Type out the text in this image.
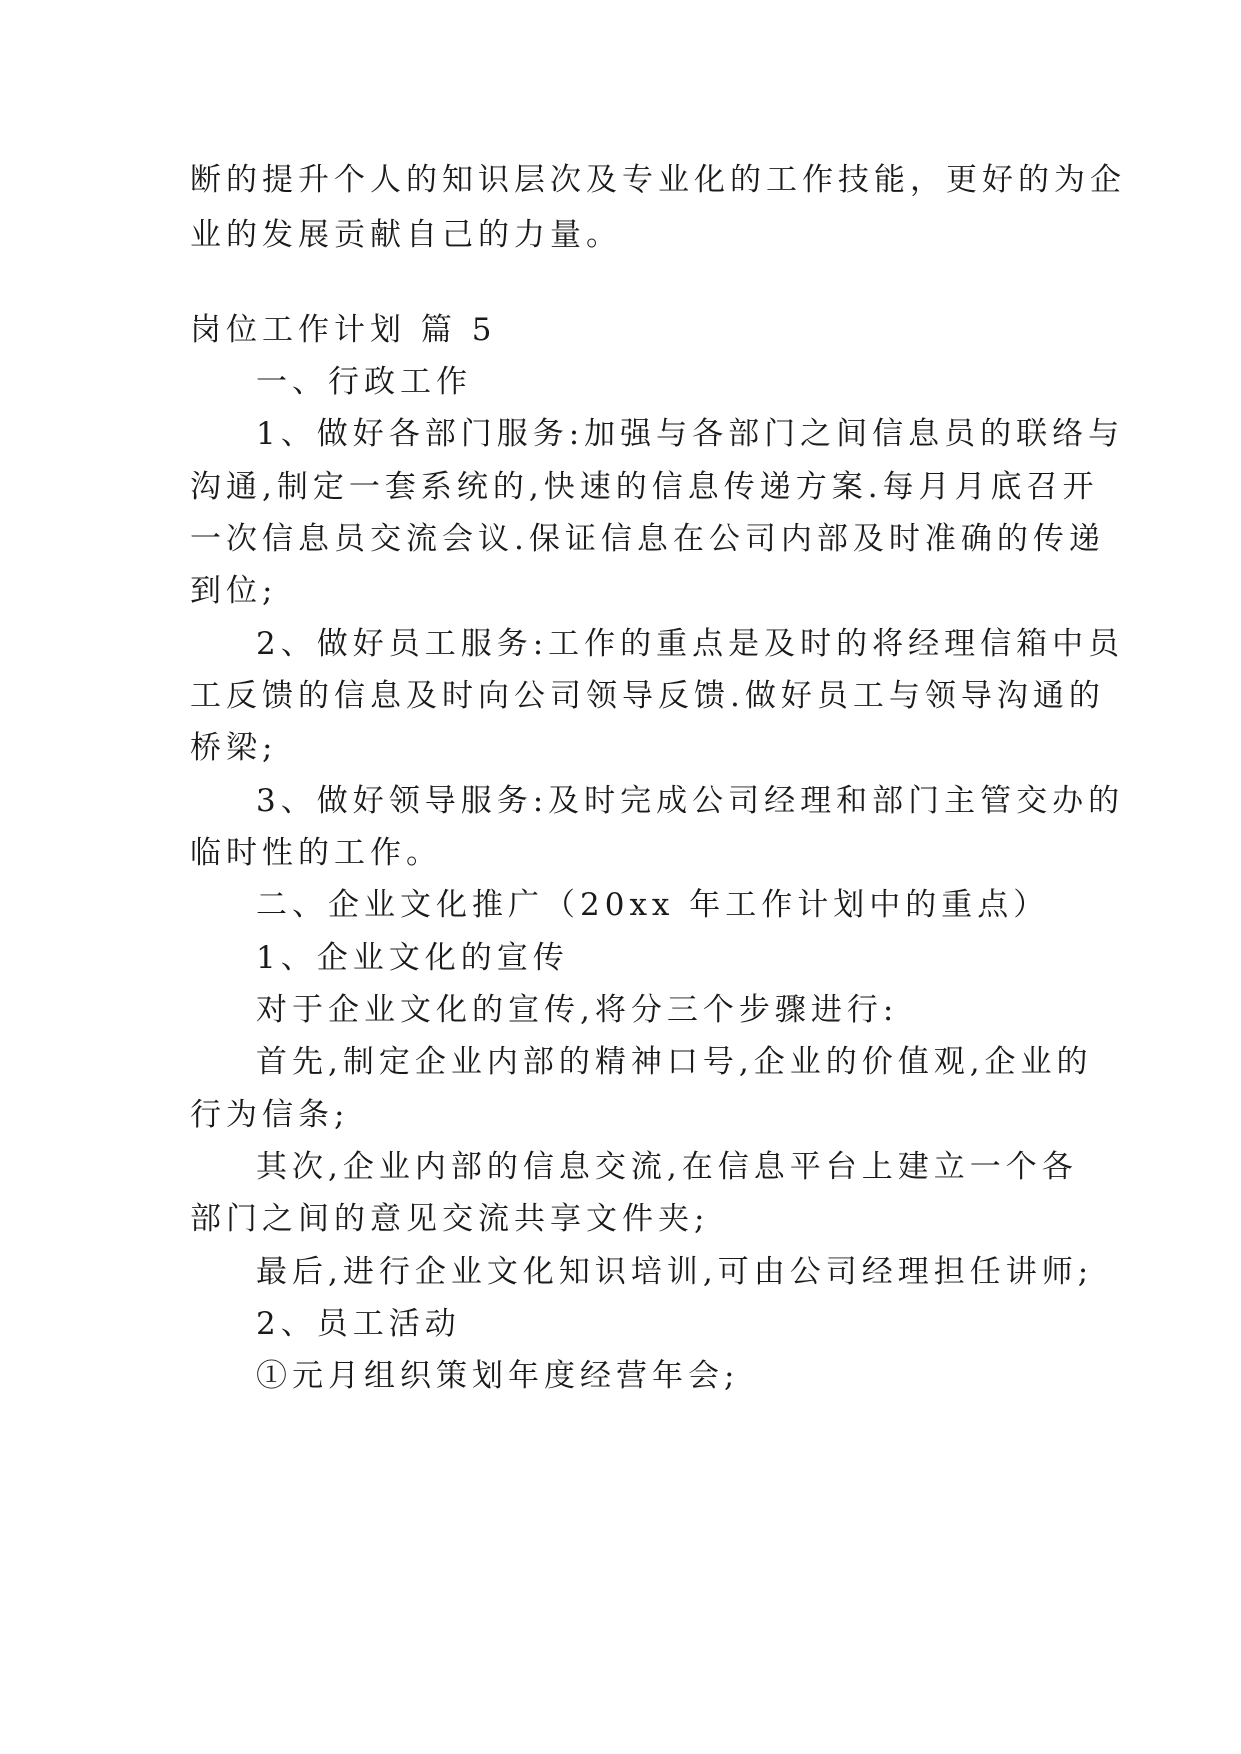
断的提升个人的知识层次及专业化的工作技能，更好的为企
业的发展贡献自己的力量。
岗位工作计划 篇 5
一、行政工作
1、做好各部门服务:加强与各部门之间信息员的联络与
沟通,制定一套系统的,快速的信息传递方案.每月月底召开
一次信息员交流会议.保证信息在公司内部及时准确的传递
到位;
2、做好员工服务:工作的重点是及时的将经理信箱中员
工反馈的信息及时向公司领导反馈.做好员工与领导沟通的
桥梁;
3、做好领导服务:及时完成公司经理和部门主管交办的
临时性的工作。
二、企业文化推广（20xx 年工作计划中的重点）
1、企业文化的宣传
对于企业文化的宣传,将分三个步骤进行:
首先,制定企业内部的精神口号,企业的价值观,企业的
行为信条;
其次,企业内部的信息交流,在信息平台上建立一个各
部门之间的意见交流共享文件夹;
最后,进行企业文化知识培训,可由公司经理担任讲师;
2、员工活动
①元月组织策划年度经营年会;
